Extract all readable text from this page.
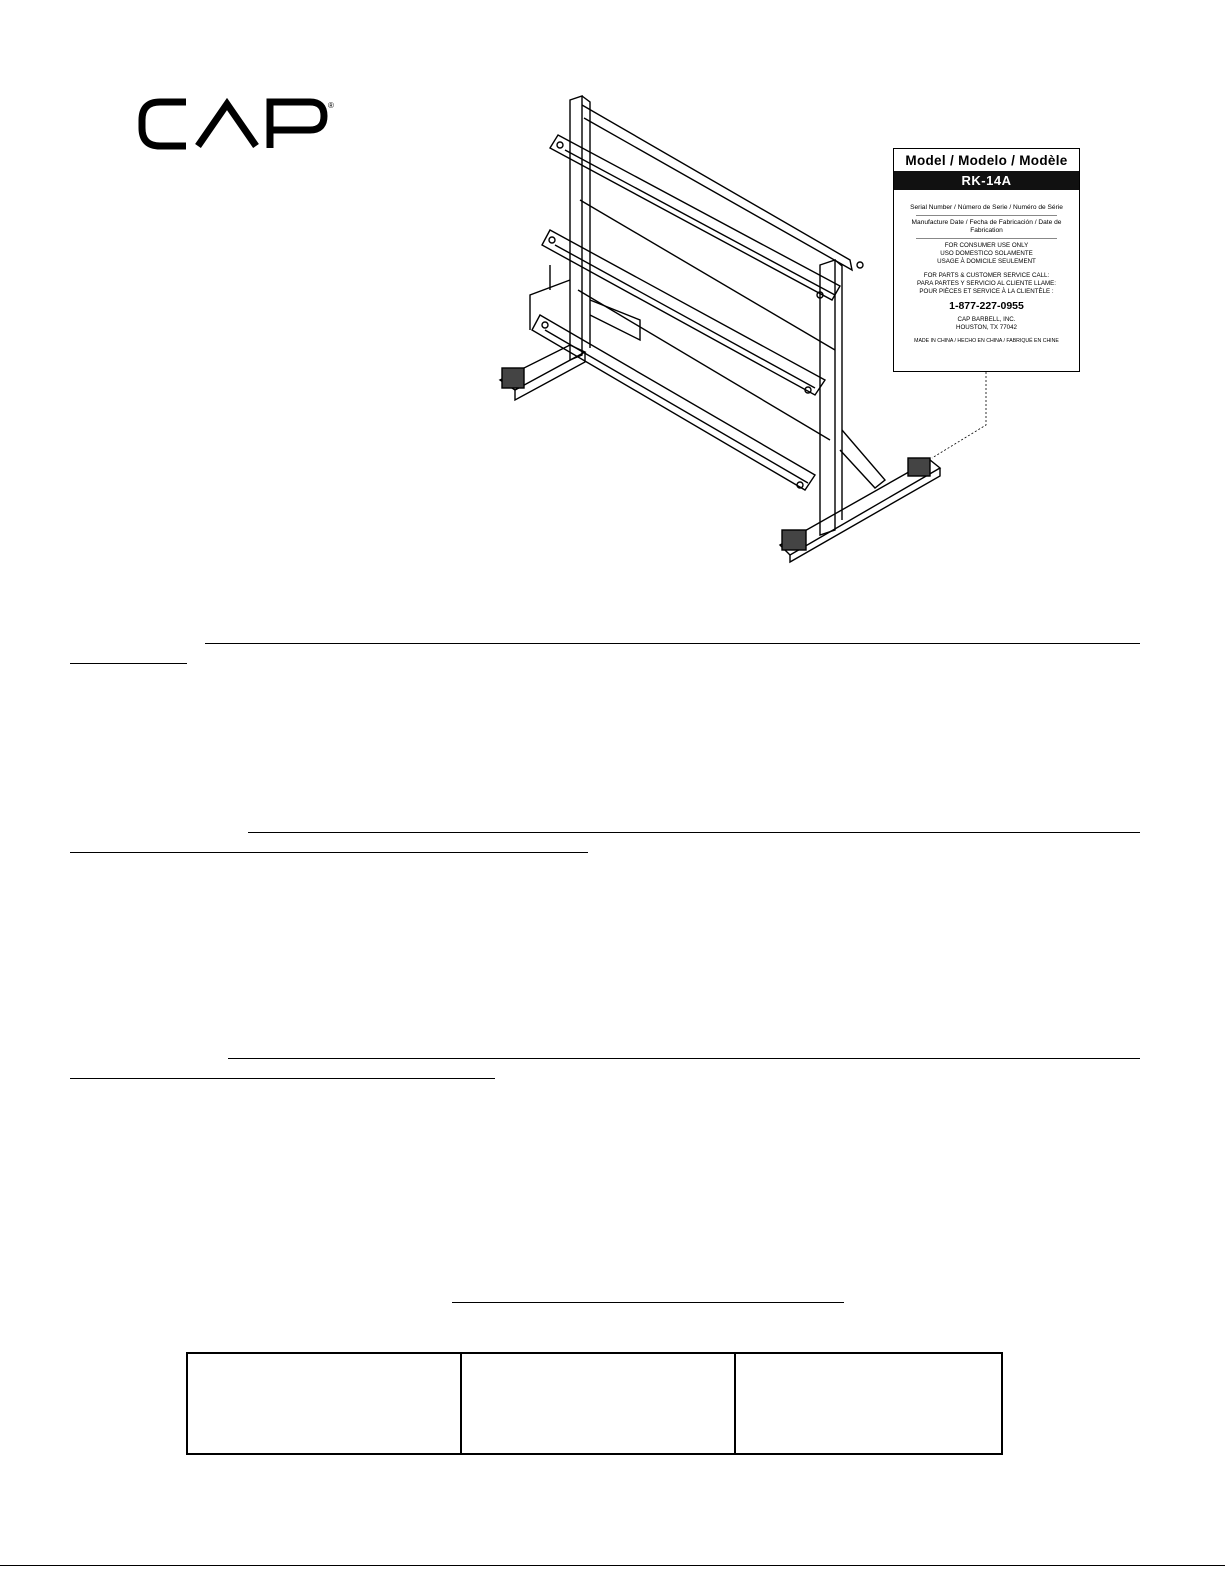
®
Model / Modelo / Modèle
RK-14A
Serial Number / Número de Serie / Numéro de Série
Manufacture Date / Fecha de Fabricación / Date de Fabrication
FOR CONSUMER USE ONLY
USO DOMESTICO SOLAMENTE
USAGE À DOMICILE SEULEMENT
FOR PARTS & CUSTOMER SERVICE CALL:
PARA PARTES Y SERVICIO AL CLIENTE LLAME:
POUR PIÈCES ET SERVICE À LA CLIENTÈLE :
1-877-227-0955
CAP BARBELL, INC.
HOUSTON, TX 77042
MADE IN CHINA / HECHO EN CHINA / FABRIQUÉ EN CHINE
